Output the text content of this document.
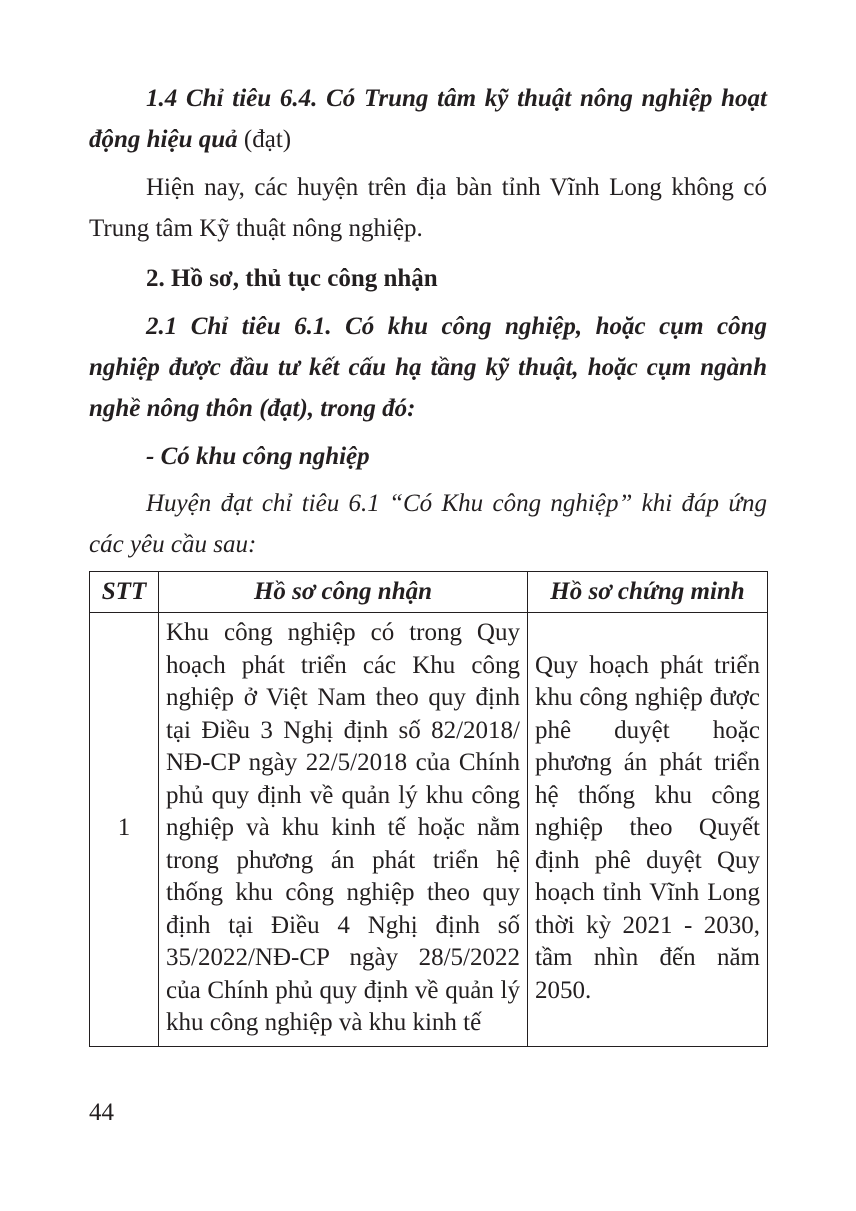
1.4 Chỉ tiêu 6.4. Có Trung tâm kỹ thuật nông nghiệp hoạt động hiệu quả (đạt)

Hiện nay, các huyện trên địa bàn tỉnh Vĩnh Long không có Trung tâm Kỹ thuật nông nghiệp.

2. Hồ sơ, thủ tục công nhận

2.1 Chỉ tiêu 6.1. Có khu công nghiệp, hoặc cụm công nghiệp được đầu tư kết cấu hạ tầng kỹ thuật, hoặc cụm ngành nghề nông thôn (đạt), trong đó:

- Có khu công nghiệp

Huyện đạt chỉ tiêu 6.1 “Có Khu công nghiệp” khi đáp ứng các yêu cầu sau:

STT	Hồ sơ công nhận	Hồ sơ chứng minh
1	Khu công nghiệp có trong Quy hoạch phát triển các Khu công nghiệp ở Việt Nam theo quy định tại Điều 3 Nghị định số 82/2018/ NĐ-CP ngày 22/5/2018 của Chính phủ quy định về quản lý khu công nghiệp và khu kinh tế hoặc nằm trong phương án phát triển hệ thống khu công nghiệp theo quy định tại Điều 4 Nghị định số 35/2022/NĐ-CP ngày 28/5/2022 của Chính phủ quy định về quản lý khu công nghiệp và khu kinh tế	Quy hoạch phát triển khu công nghiệp được phê duyệt hoặc phương án phát triển hệ thống khu công nghiệp theo Quyết định phê duyệt Quy hoạch tỉnh Vĩnh Long thời kỳ 2021 - 2030, tầm nhìn đến năm 2050.
44
